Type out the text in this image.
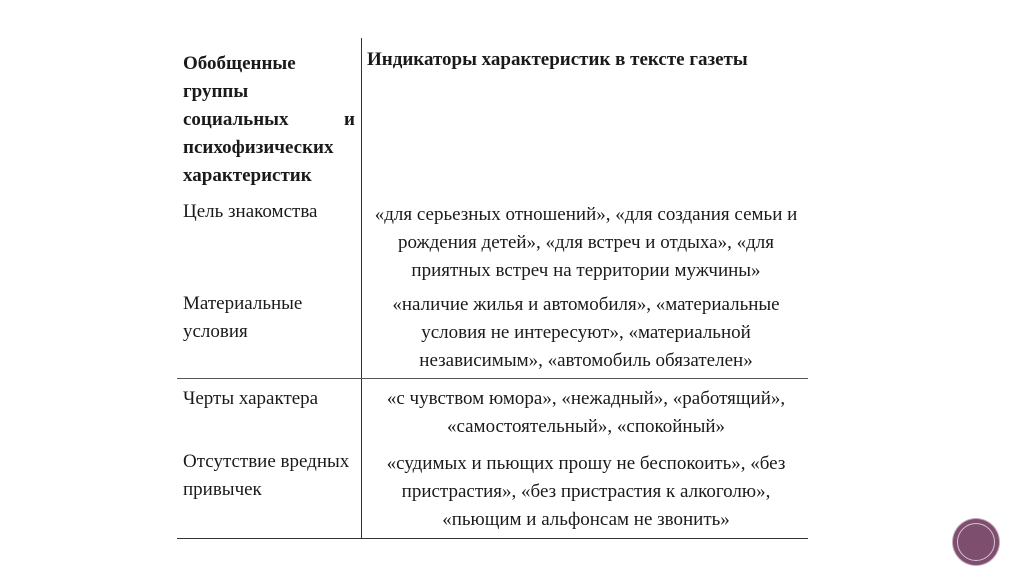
Обобщенные группы социальных и психофизических характеристик

Индикаторы характеристик в тексте газеты

Цель знакомства	«для серьезных отношений», «для создания семьи и рождения детей», «для встреч и отдыха», «для приятных встреч на территории мужчины»

Материальные условия

«наличие жилья и автомобиля», «материальные условия не интересуют», «материальной независимым», «автомобиль обязателен»

Черты характера	«с чувством юмора», «нежадный», «работящий», «самостоятельный», «спокойный»

Отсутствие вредных привычек

«судимых и пьющих прошу не беспокоить», «без пристрастия», «без пристрастия к алкоголю», «пьющим и альфонсам не звонить»
